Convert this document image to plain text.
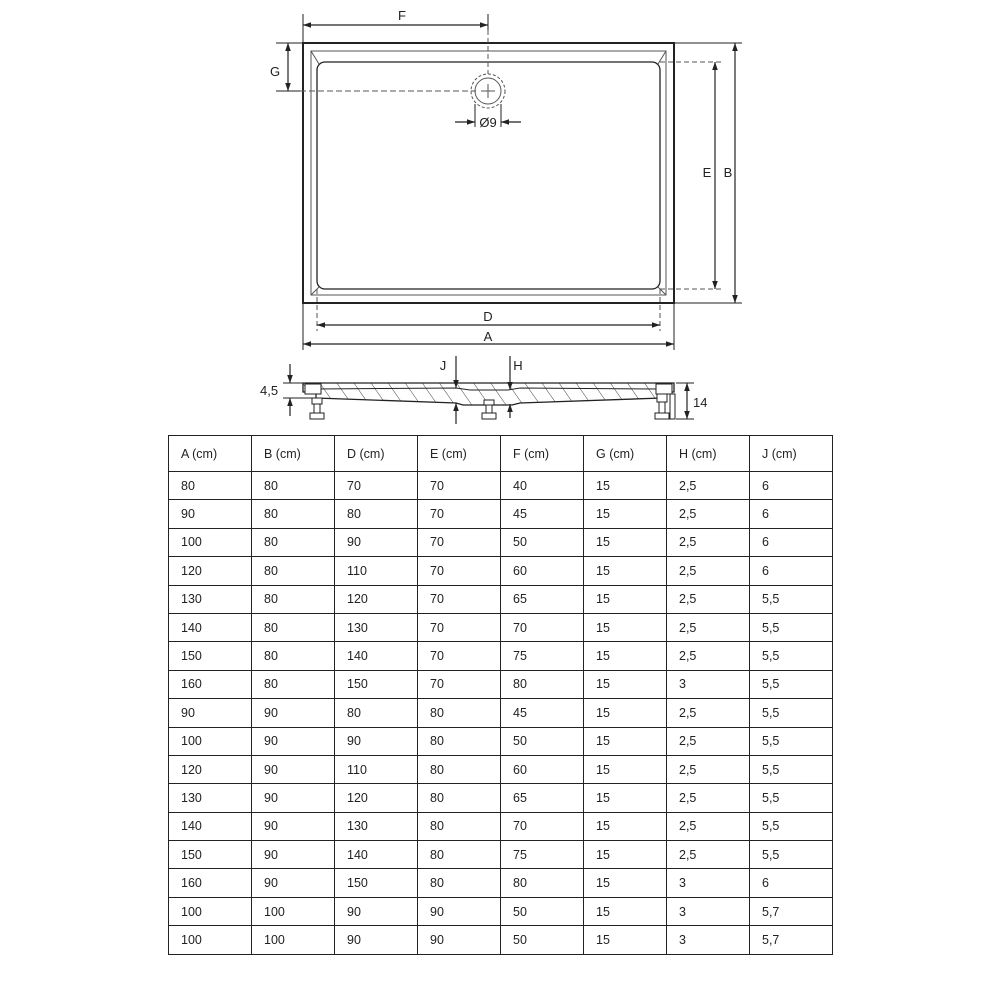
F
G
Ø9
E B
D
A
4,5
J	H
14
A (cm)	B (cm)	D (cm)	E (cm)	F (cm)	G (cm)	H (cm)	J (cm)
80	80	70	70	40	15	2,5	6
90	80	80	70	45	15	2,5	6
100	80	90	70	50	15	2,5	6
120	80	110	70	60	15	2,5	6
130	80	120	70	65	15	2,5	5,5
140	80	130	70	70	15	2,5	5,5
150	80	140	70	75	15	2,5	5,5
160	80	150	70	80	15	3	5,5
90	90	80	80	45	15	2,5	5,5
100	90	90	80	50	15	2,5	5,5
120	90	110	80	60	15	2,5	5,5
130	90	120	80	65	15	2,5	5,5
140	90	130	80	70	15	2,5	5,5
150	90	140	80	75	15	2,5	5,5
160	90	150	80	80	15	3	6
100	100	90	90	50	15	3	5,7
100	100	90	90	50	15	3	5,7
